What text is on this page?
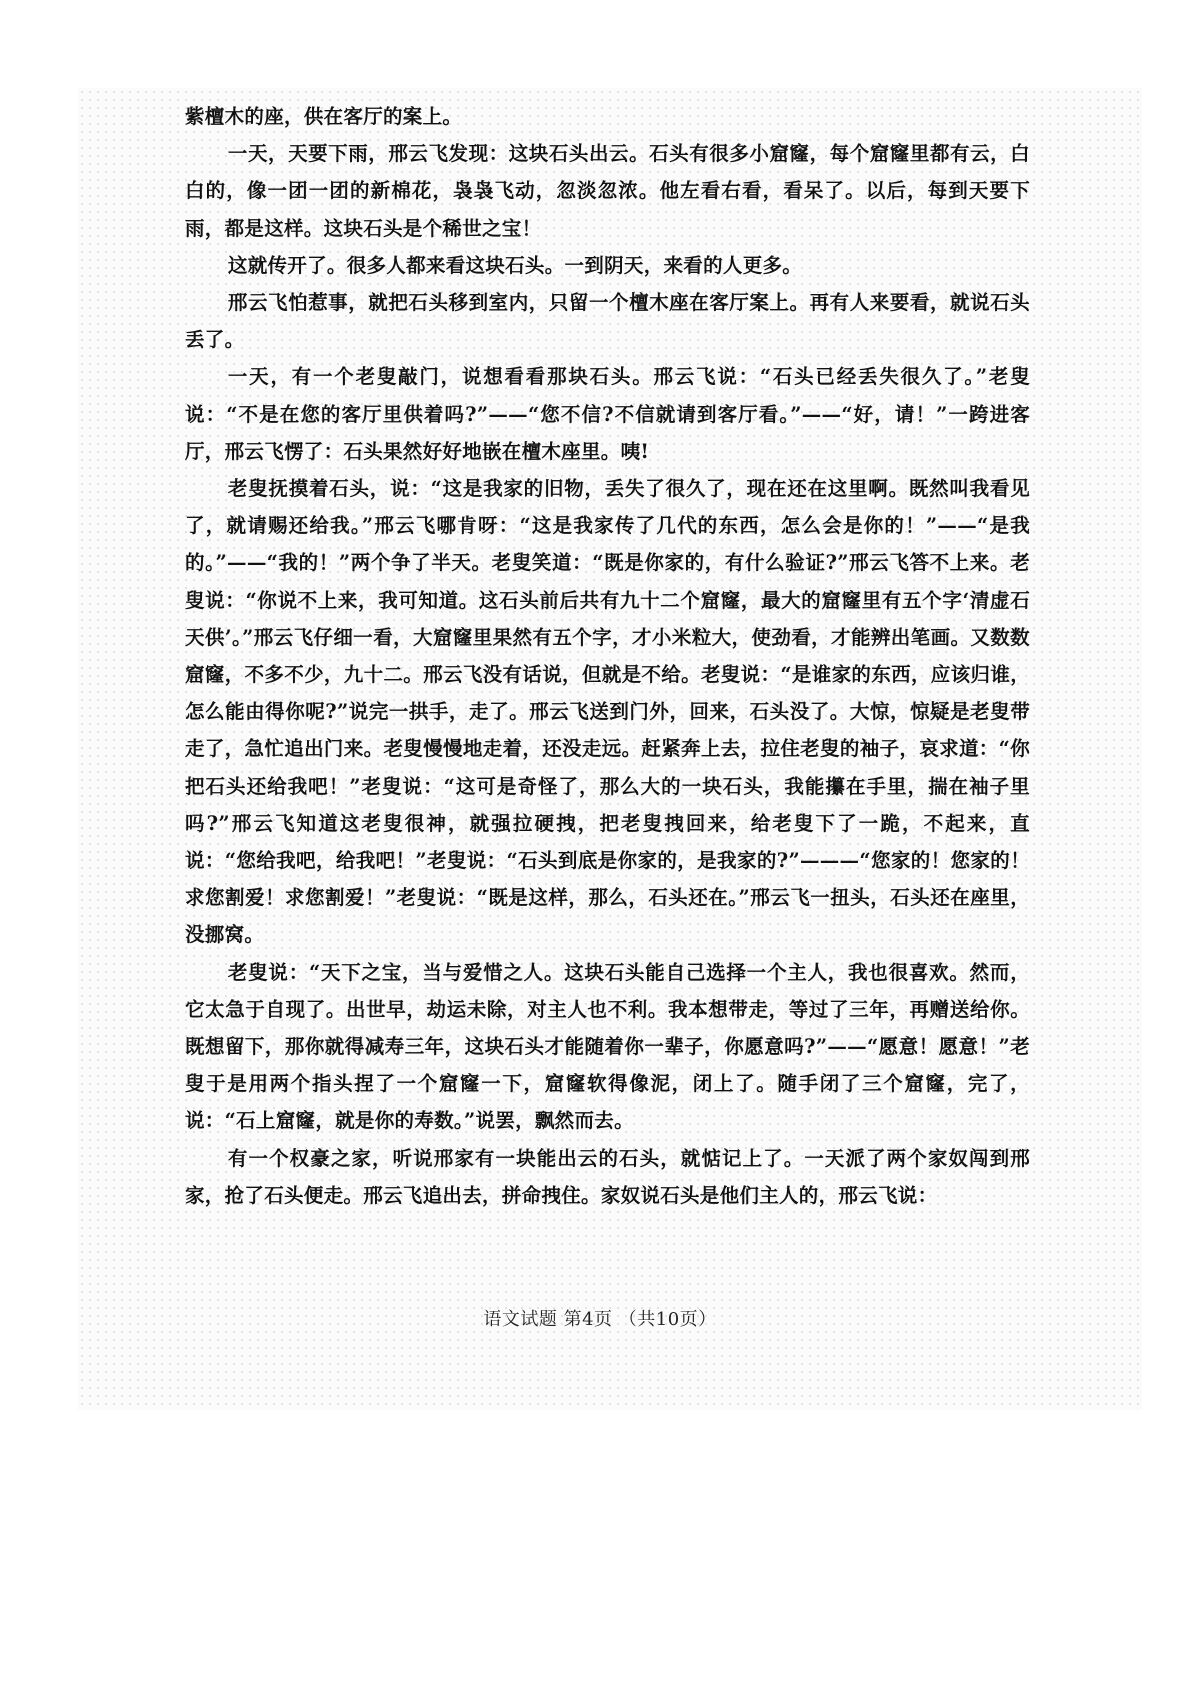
紫檀木的座，供在客厅的案上。

一天，天要下雨，邢云飞发现：这块石头出云。石头有很多小窟窿，每个窟窿里都有云，白白的，像一团一团的新棉花，袅袅飞动，忽淡忽浓。他左看右看，看呆了。以后，每到天要下雨，都是这样。这块石头是个稀世之宝！

这就传开了。很多人都来看这块石头。一到阴天，来看的人更多。

邢云飞怕惹事，就把石头移到室内，只留一个檀木座在客厅案上。再有人来要看，就说石头丢了。

一天，有一个老叟敲门，说想看看那块石头。邢云飞说：“石头已经丢失很久了。”老叟说：“不是在您的客厅里供着吗?”——“您不信?不信就请到客厅看。”——“好，请！”一跨进客厅，邢云飞愣了：石头果然好好地嵌在檀木座里。咦!

老叟抚摸着石头，说：“这是我家的旧物，丢失了很久了，现在还在这里啊。既然叫我看见了，就请赐还给我。”邢云飞哪肯呀：“这是我家传了几代的东西，怎么会是你的！”——“是我的。”——“我的！”两个争了半天。老叟笑道：“既是你家的，有什么验证?”邢云飞答不上来。老叟说：“你说不上来，我可知道。这石头前后共有九十二个窟窿，最大的窟窿里有五个字‘清虚石天供’。”邢云飞仔细一看，大窟窿里果然有五个字，才小米粒大，使劲看，才能辨出笔画。又数数窟窿，不多不少，九十二。邢云飞没有话说，但就是不给。老叟说：“是谁家的东西，应该归谁，怎么能由得你呢?”说完一拱手，走了。邢云飞送到门外，回来，石头没了。大惊，惊疑是老叟带走了，急忙追出门来。老叟慢慢地走着，还没走远。赶紧奔上去，拉住老叟的袖子，哀求道：“你把石头还给我吧！”老叟说：“这可是奇怪了，那么大的一块石头，我能攥在手里，揣在袖子里吗?”邢云飞知道这老叟很神，就强拉硬拽，把老叟拽回来，给老叟下了一跪，不起来，直说：“您给我吧，给我吧！”老叟说：“石头到底是你家的，是我家的?”———“您家的！您家的！求您割爱！求您割爱！”老叟说：“既是这样，那么，石头还在。”邢云飞一扭头，石头还在座里，没挪窝。

老叟说：“天下之宝，当与爱惜之人。这块石头能自己选择一个主人，我也很喜欢。然而，它太急于自现了。出世早，劫运未除，对主人也不利。我本想带走，等过了三年，再赠送给你。既想留下，那你就得减寿三年，这块石头才能随着你一辈子，你愿意吗?”——“愿意！愿意！”老叟于是用两个指头捏了一个窟窿一下，窟窿软得像泥，闭上了。随手闭了三个窟窿，完了，说：“石上窟窿，就是你的寿数。”说罢，飘然而去。

有一个权豪之家，听说邢家有一块能出云的石头，就惦记上了。一天派了两个家奴闯到邢家，抢了石头便走。邢云飞追出去，拼命拽住。家奴说石头是他们主人的，邢云飞说：

语文试题 第4页 （共10页）
